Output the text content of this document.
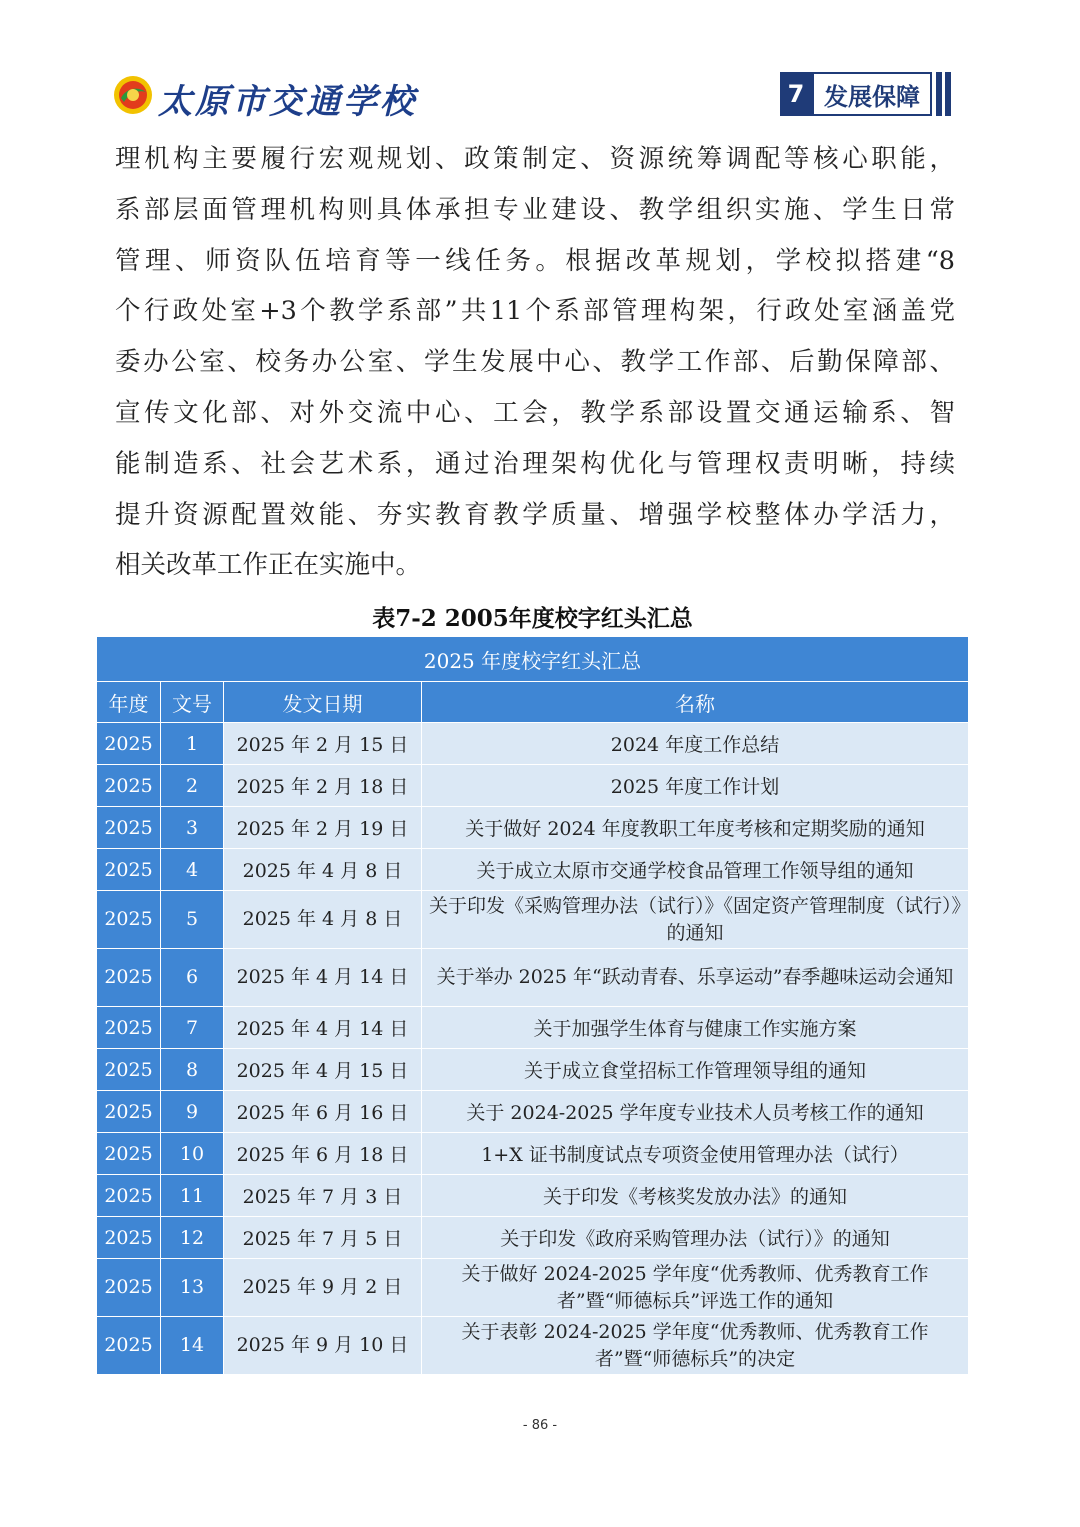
太原市交通学校	7 发展保障
理机构主要履行宏观规划、政策制定、资源统筹调配等核心职能，
系部层面管理机构则具体承担专业建设、教学组织实施、学生日常
管理、师资队伍培育等一线任务。根据改革规划，学校拟搭建“8
个行政处室+3个教学系部”共11个系部管理构架，行政处室涵盖党
委办公室、校务办公室、学生发展中心、教学工作部、后勤保障部、
宣传文化部、对外交流中心、工会，教学系部设置交通运输系、智
能制造系、社会艺术系，通过治理架构优化与管理权责明晰，持续
提升资源配置效能、夯实教育教学质量、增强学校整体办学活力，
相关改革工作正在实施中。
表7-2 2005年度校字红头汇总
2025 年度校字红头汇总			
年度	文号	发文日期	名称
2025	1	2025 年 2 月 15 日	2024 年度工作总结
2025	2	2025 年 2 月 18 日	2025 年度工作计划
2025	3	2025 年 2 月 19 日	关于做好 2024 年度教职工年度考核和定期奖励的通知
2025	4	2025 年 4 月 8 日	关于成立太原市交通学校食品管理工作领导组的通知
2025	5	2025 年 4 月 8 日	关于印发《采购管理办法（试行）》《固定资产管理制度（试行）》的通知
2025	6	2025 年 4 月 14 日	关于举办 2025 年“跃动青春、乐享运动”春季趣味运动会通知
2025	7	2025 年 4 月 14 日	关于加强学生体育与健康工作实施方案
2025	8	2025 年 4 月 15 日	关于成立食堂招标工作管理领导组的通知
2025	9	2025 年 6 月 16 日	关于 2024-2025 学年度专业技术人员考核工作的通知
2025	10	2025 年 6 月 18 日	1+X 证书制度试点专项资金使用管理办法（试行）
2025	11	2025 年 7 月 3 日	关于印发《考核奖发放办法》的通知
2025	12	2025 年 7 月 5 日	关于印发《政府采购管理办法（试行）》的通知
2025	13	2025 年 9 月 2 日	关于做好 2024-2025 学年度“优秀教师、优秀教育工作者”暨“师德标兵”评选工作的通知
2025	14	2025 年 9 月 10 日	关于表彰 2024-2025 学年度“优秀教师、优秀教育工作者”暨“师德标兵”的决定
- 86 -
